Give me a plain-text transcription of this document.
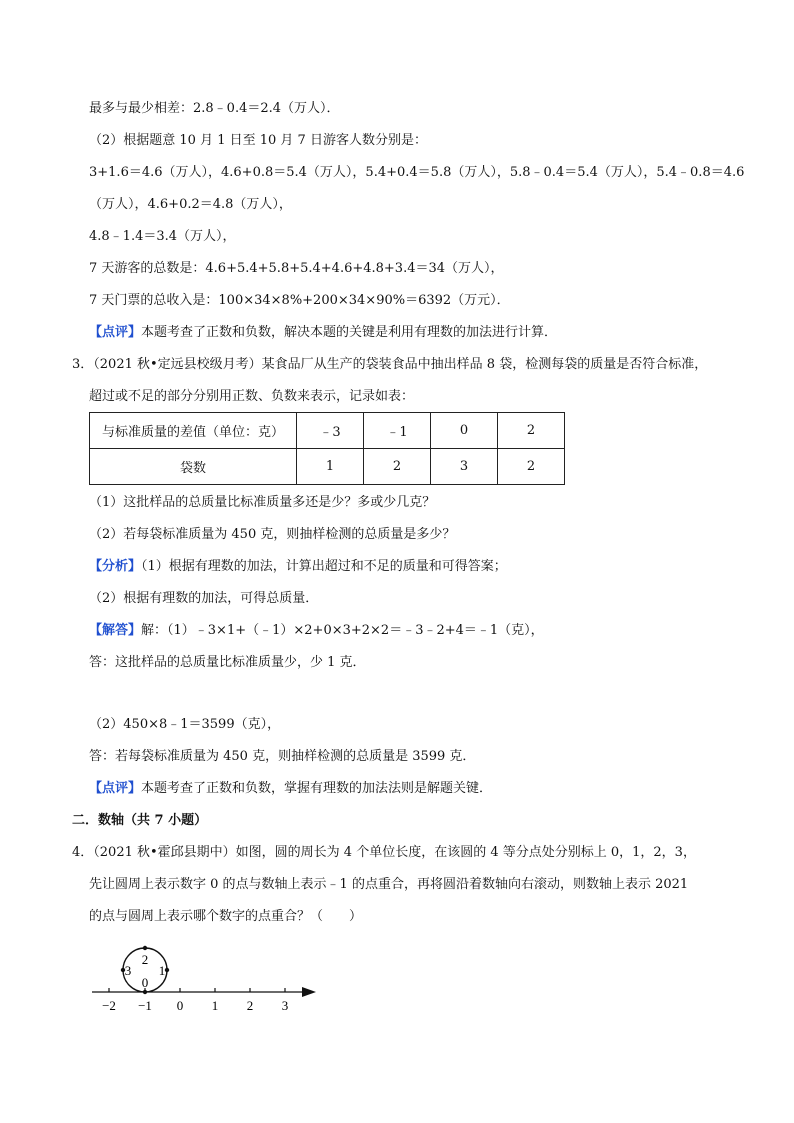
最多与最少相差：2.8﹣0.4＝2.4（万人）．
（2）根据题意 10 月 1 日至 10 月 7 日游客人数分别是：
3+1.6＝4.6（万人），4.6+0.8＝5.4（万人），5.4+0.4＝5.8（万人），5.8﹣0.4＝5.4（万人），5.4﹣0.8＝4.6
（万人），4.6+0.2＝4.8（万人），
4.8﹣1.4＝3.4（万人），
7 天游客的总数是：4.6+5.4+5.8+5.4+4.6+4.8+3.4＝34（万人），
7 天门票的总收入是：100×34×8%+200×34×90%＝6392（万元）．
【点评】本题考查了正数和负数，解决本题的关键是利用有理数的加法进行计算．
3．（2021 秋•定远县校级月考）某食品厂从生产的袋装食品中抽出样品 8 袋，检测每袋的质量是否符合标准，
超过或不足的部分分别用正数、负数来表示，记录如表：
与标准质量的差值（单位：克）	﹣3	﹣1	0	2
袋数	1	2	3	2
（1）这批样品的总质量比标准质量多还是少？多或少几克？
（2）若每袋标准质量为 450 克，则抽样检测的总质量是多少？
【分析】（1）根据有理数的加法，计算出超过和不足的质量和可得答案；
（2）根据有理数的加法，可得总质量．
【解答】解：（1）﹣3×1+（﹣1）×2+0×3+2×2＝﹣3﹣2+4＝﹣1（克），
答：这批样品的总质量比标准质量少，少 1 克．
（2）450×8﹣1＝3599（克），
答：若每袋标准质量为 450 克，则抽样检测的总质量是 3599 克．
【点评】本题考查了正数和负数，掌握有理数的加法法则是解题关键．
二．数轴（共 7 小题）
4．（2021 秋•霍邱县期中）如图，圆的周长为 4 个单位长度，在该圆的 4 等分点处分别标上 0，1，2，3，
先让圆周上表示数字 0 的点与数轴上表示﹣1 的点重合，再将圆沿着数轴向右滚动，则数轴上表示 2021
的点与圆周上表示哪个数字的点重合？（　　）
−2 −1 0 1 2 3
2
3 1
0
